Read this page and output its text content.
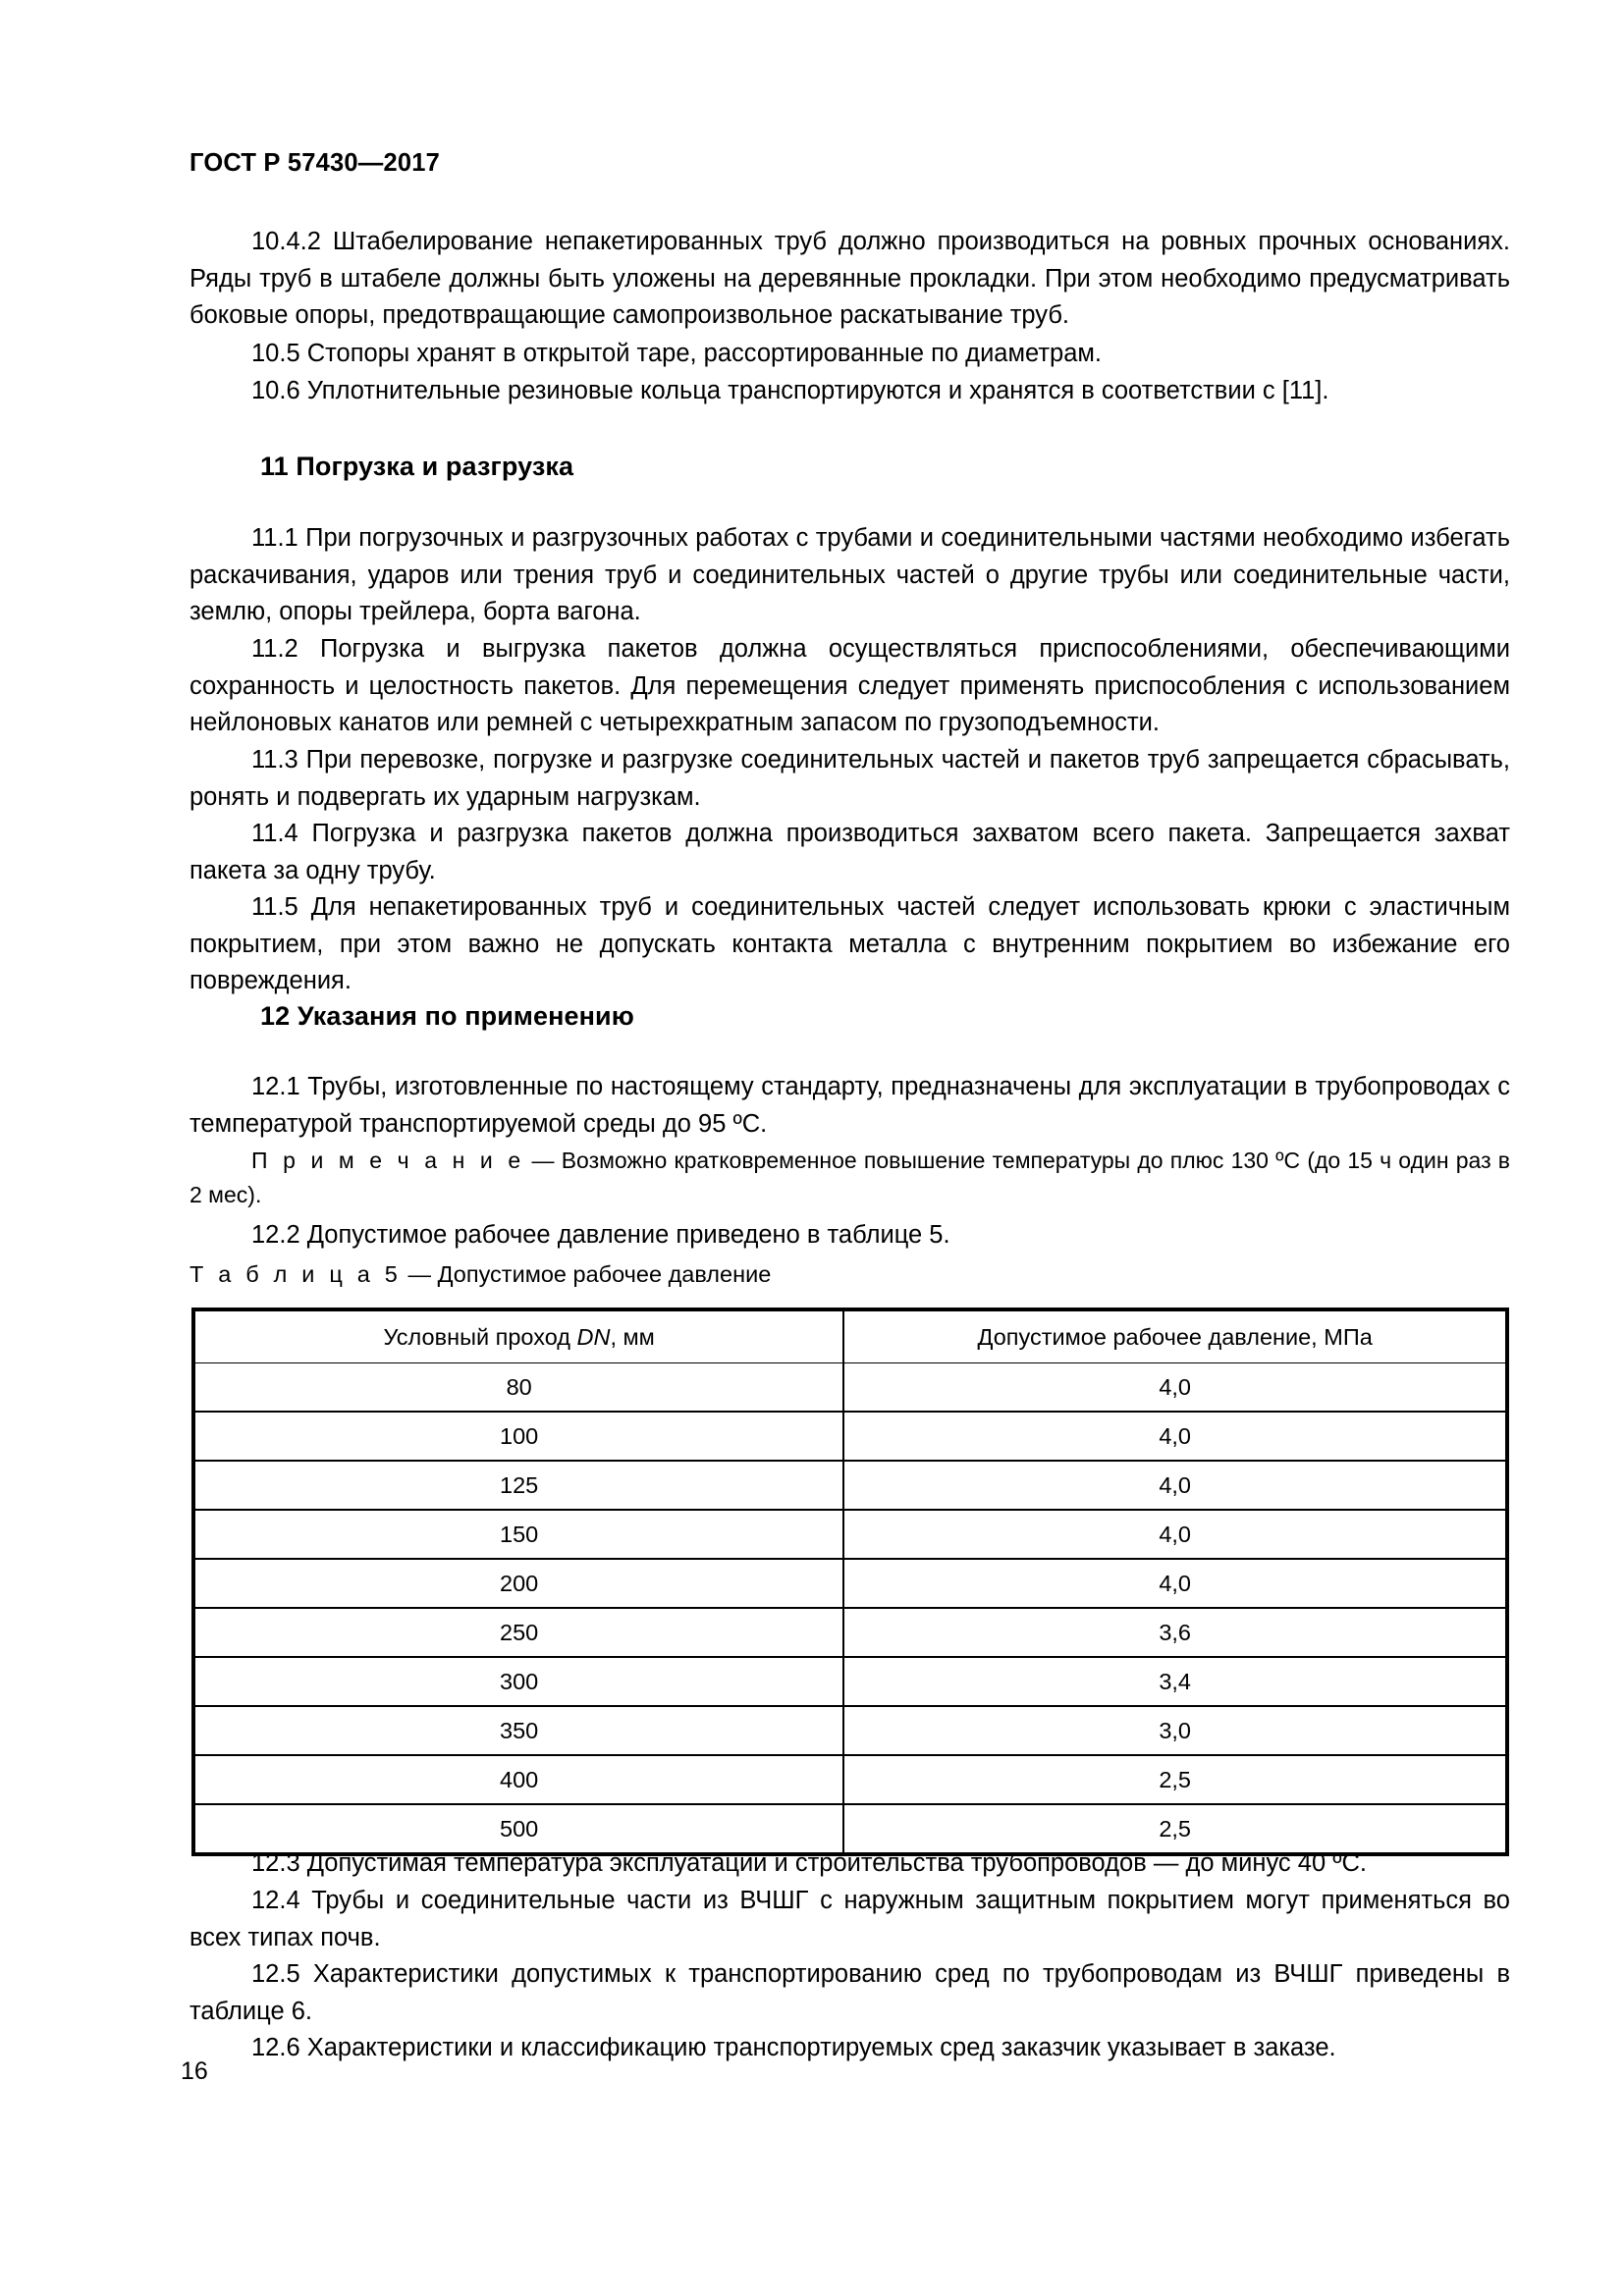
ГОСТ Р 57430—2017

10.4.2 Штабелирование непакетированных труб должно производиться на ровных прочных основаниях. Ряды труб в штабеле должны быть уложены на деревянные прокладки. При этом необходимо предусматривать боковые опоры, предотвращающие самопроизвольное раскатывание труб.

10.5 Стопоры хранят в открытой таре, рассортированные по диаметрам.

10.6 Уплотнительные резиновые кольца транспортируются и хранятся в соответствии с [11].

11 Погрузка и разгрузка

11.1 При погрузочных и разгрузочных работах с трубами и соединительными частями необходимо избегать раскачивания, ударов или трения труб и соединительных частей о другие трубы или соединительные части, землю, опоры трейлера, борта вагона.

11.2 Погрузка и выгрузка пакетов должна осуществляться приспособлениями, обеспечивающими сохранность и целостность пакетов. Для перемещения следует применять приспособления с использованием нейлоновых канатов или ремней с четырехкратным запасом по грузоподъемности.

11.3 При перевозке, погрузке и разгрузке соединительных частей и пакетов труб запрещается сбрасывать, ронять и подвергать их ударным нагрузкам.

11.4 Погрузка и разгрузка пакетов должна производиться захватом всего пакета. Запрещается захват пакета за одну трубу.

11.5 Для непакетированных труб и соединительных частей следует использовать крюки с эластичным покрытием, при этом важно не допускать контакта металла с внутренним покрытием во избежание его повреждения.

12 Указания по применению

12.1 Трубы, изготовленные по настоящему стандарту, предназначены для эксплуатации в трубопроводах с температурой транспортируемой среды до 95 ºС.

П р и м е ч а н и е — Возможно кратковременное повышение температуры до плюс 130 ºС (до 15 ч один раз в 2 мес).

12.2 Допустимое рабочее давление приведено в таблице 5.

Т а б л и ц а 5 — Допустимое рабочее давление
Условный проход DN, мм	Допустимое рабочее давление, МПа
80	4,0
100	4,0
125	4,0
150	4,0
200	4,0
250	3,6
300	3,4
350	3,0
400	2,5
500	2,5

12.3 Допустимая температура эксплуатации и строительства трубопроводов — до минус 40 ºС.

12.4 Трубы и соединительные части из ВЧШГ с наружным защитным покрытием могут применяться во всех типах почв.

12.5 Характеристики допустимых к транспортированию сред по трубопроводам из ВЧШГ приведены в таблице 6.

12.6 Характеристики и классификацию транспортируемых сред заказчик указывает в заказе.

16
